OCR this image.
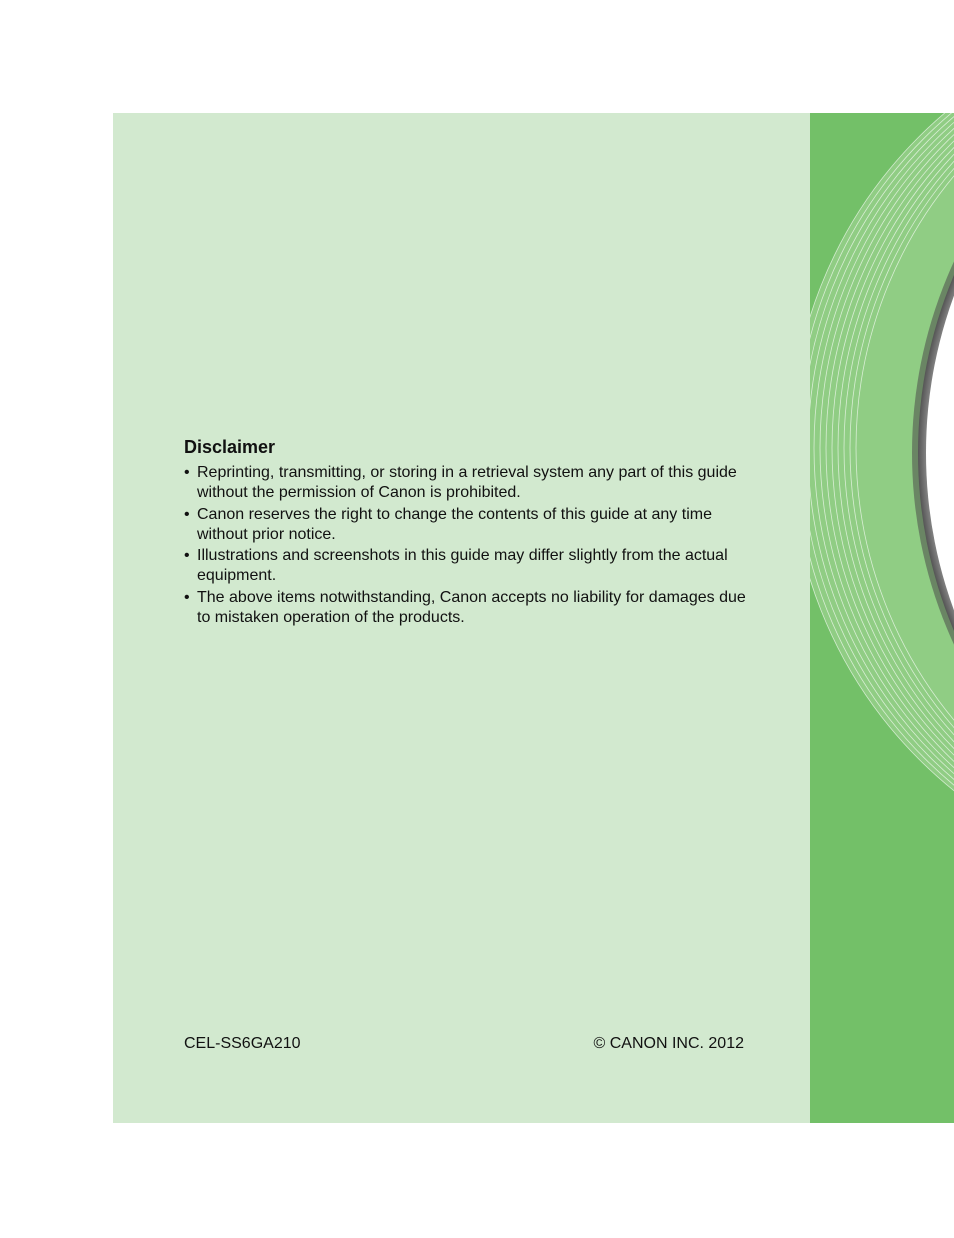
Disclaimer
• Reprinting, transmitting, or storing in a retrieval system any part of this guide without the permission of Canon is prohibited.
• Canon reserves the right to change the contents of this guide at any time without prior notice.
• Illustrations and screenshots in this guide may differ slightly from the actual equipment.
• The above items notwithstanding, Canon accepts no liability for damages due to mistaken operation of the products.
CEL-SS6GA210	© CANON INC. 2012
